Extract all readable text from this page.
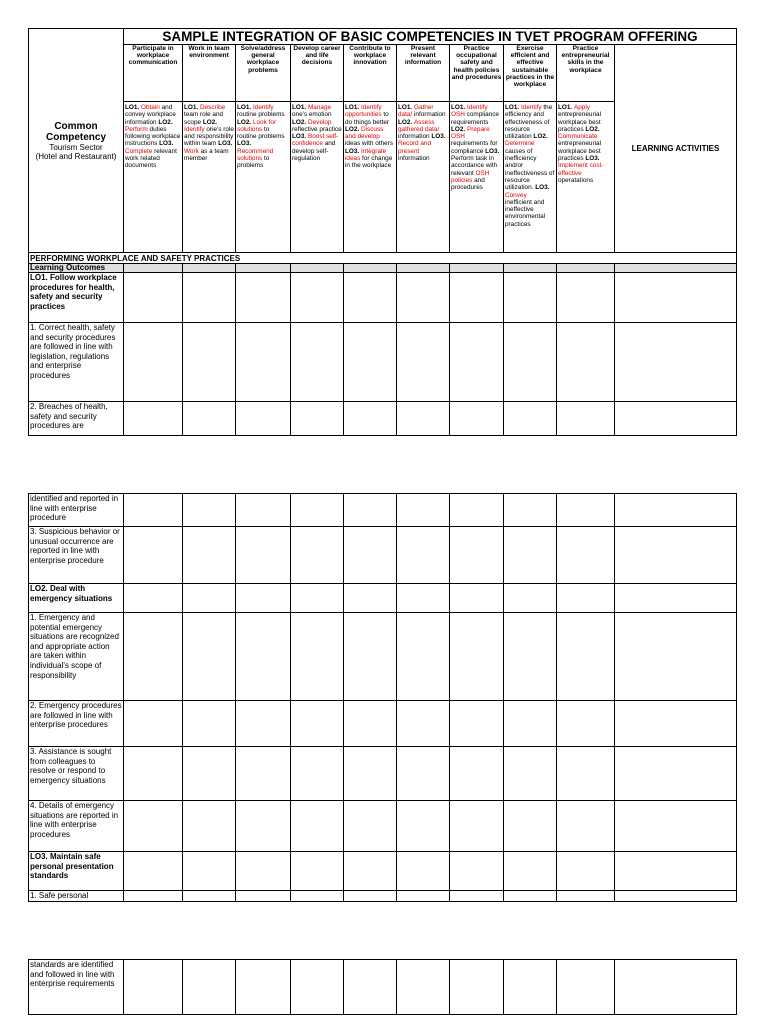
Common Competency
Tourism Sector
(Hotel and Restaurant)	SAMPLE INTEGRATION OF BASIC COMPETENCIES IN TVET PROGRAM OFFERING									
	Participate in workplace communication	Work in team environment	Solve/address general workplace problems	Develop career and life decisions	Contribute to workplace innovation	Present relevant information	Practice occupational safety and health policies and procedures	Exercise efficient and effective sustainable practices in the workplace	Practice entrepreneurial skills in the workplace	LEARNING ACTIVITIES
	LO1. Obtain and convey workplace information LO2. Perform duties following workplace instructions LO3. Complete relevant work related documents	LO1. Describe team role and scope LO2. Identify one's role and responsibility within team LO3. Work as a team member	LO1. Identify routine problems LO2. Look for solutions to routine problems LO3. Recommend solutions to problems	LO1. Manage one's emotion LO2. Develop reflective practice LO3. Boost self-confidence and develop self-regulation	LO1. Identify opportunities to do things better LO2. Discuss and develop ideas with others LO3. Integrate ideas for change in the workplace	LO1. Gather data/ information LO2. Assess gathered data/ information LO3. Record and present information	LO1. Identify OSH compliance requirements LO2. Prepare OSH requirements for compliance LO3. Perform task in accordance with relevant OSH policies and procedures	LO1. Identify the efficiency and effectiveness of resource utilization LO2. Determine causes of inefficiency and/or ineffectiveness of resource utilization. LO3. Convey inefficient and ineffective environmental practices	LO1. Apply entrepreneurial workplace best practices LO2. Communicate entrepreneurial workplace best practices LO3. Implement cost-effective operatations	
PERFORMING WORKPLACE AND SAFETY PRACTICES										
Learning Outcomes										
LO1. Follow workplace procedures for health, safety and security practices										
1. Correct health, safety and security procedures are followed in line with legislation, regulations and enterprise procedures										
2. Breaches of health, safety and security procedures are										
identified and reported in line with enterprise procedure										
3. Suspicious behavior or unusual occurrence are reported in line with enterprise procedure										
LO2. Deal with emergency situations										
1. Emergency and potential emergency situations are recognized and appropriate action are taken within individual's scope of responsibility										
2. Emergency procedures are followed in line with enterprise procedures										
3. Assistance is sought from colleagues to resolve or respond to emergency situations										
4. Details of emergency situations are reported in line with enterprise procedures										
LO3. Maintain safe personal presentation standards										
1. Safe personal										
standards are identified and followed in line with enterprise requirements										
